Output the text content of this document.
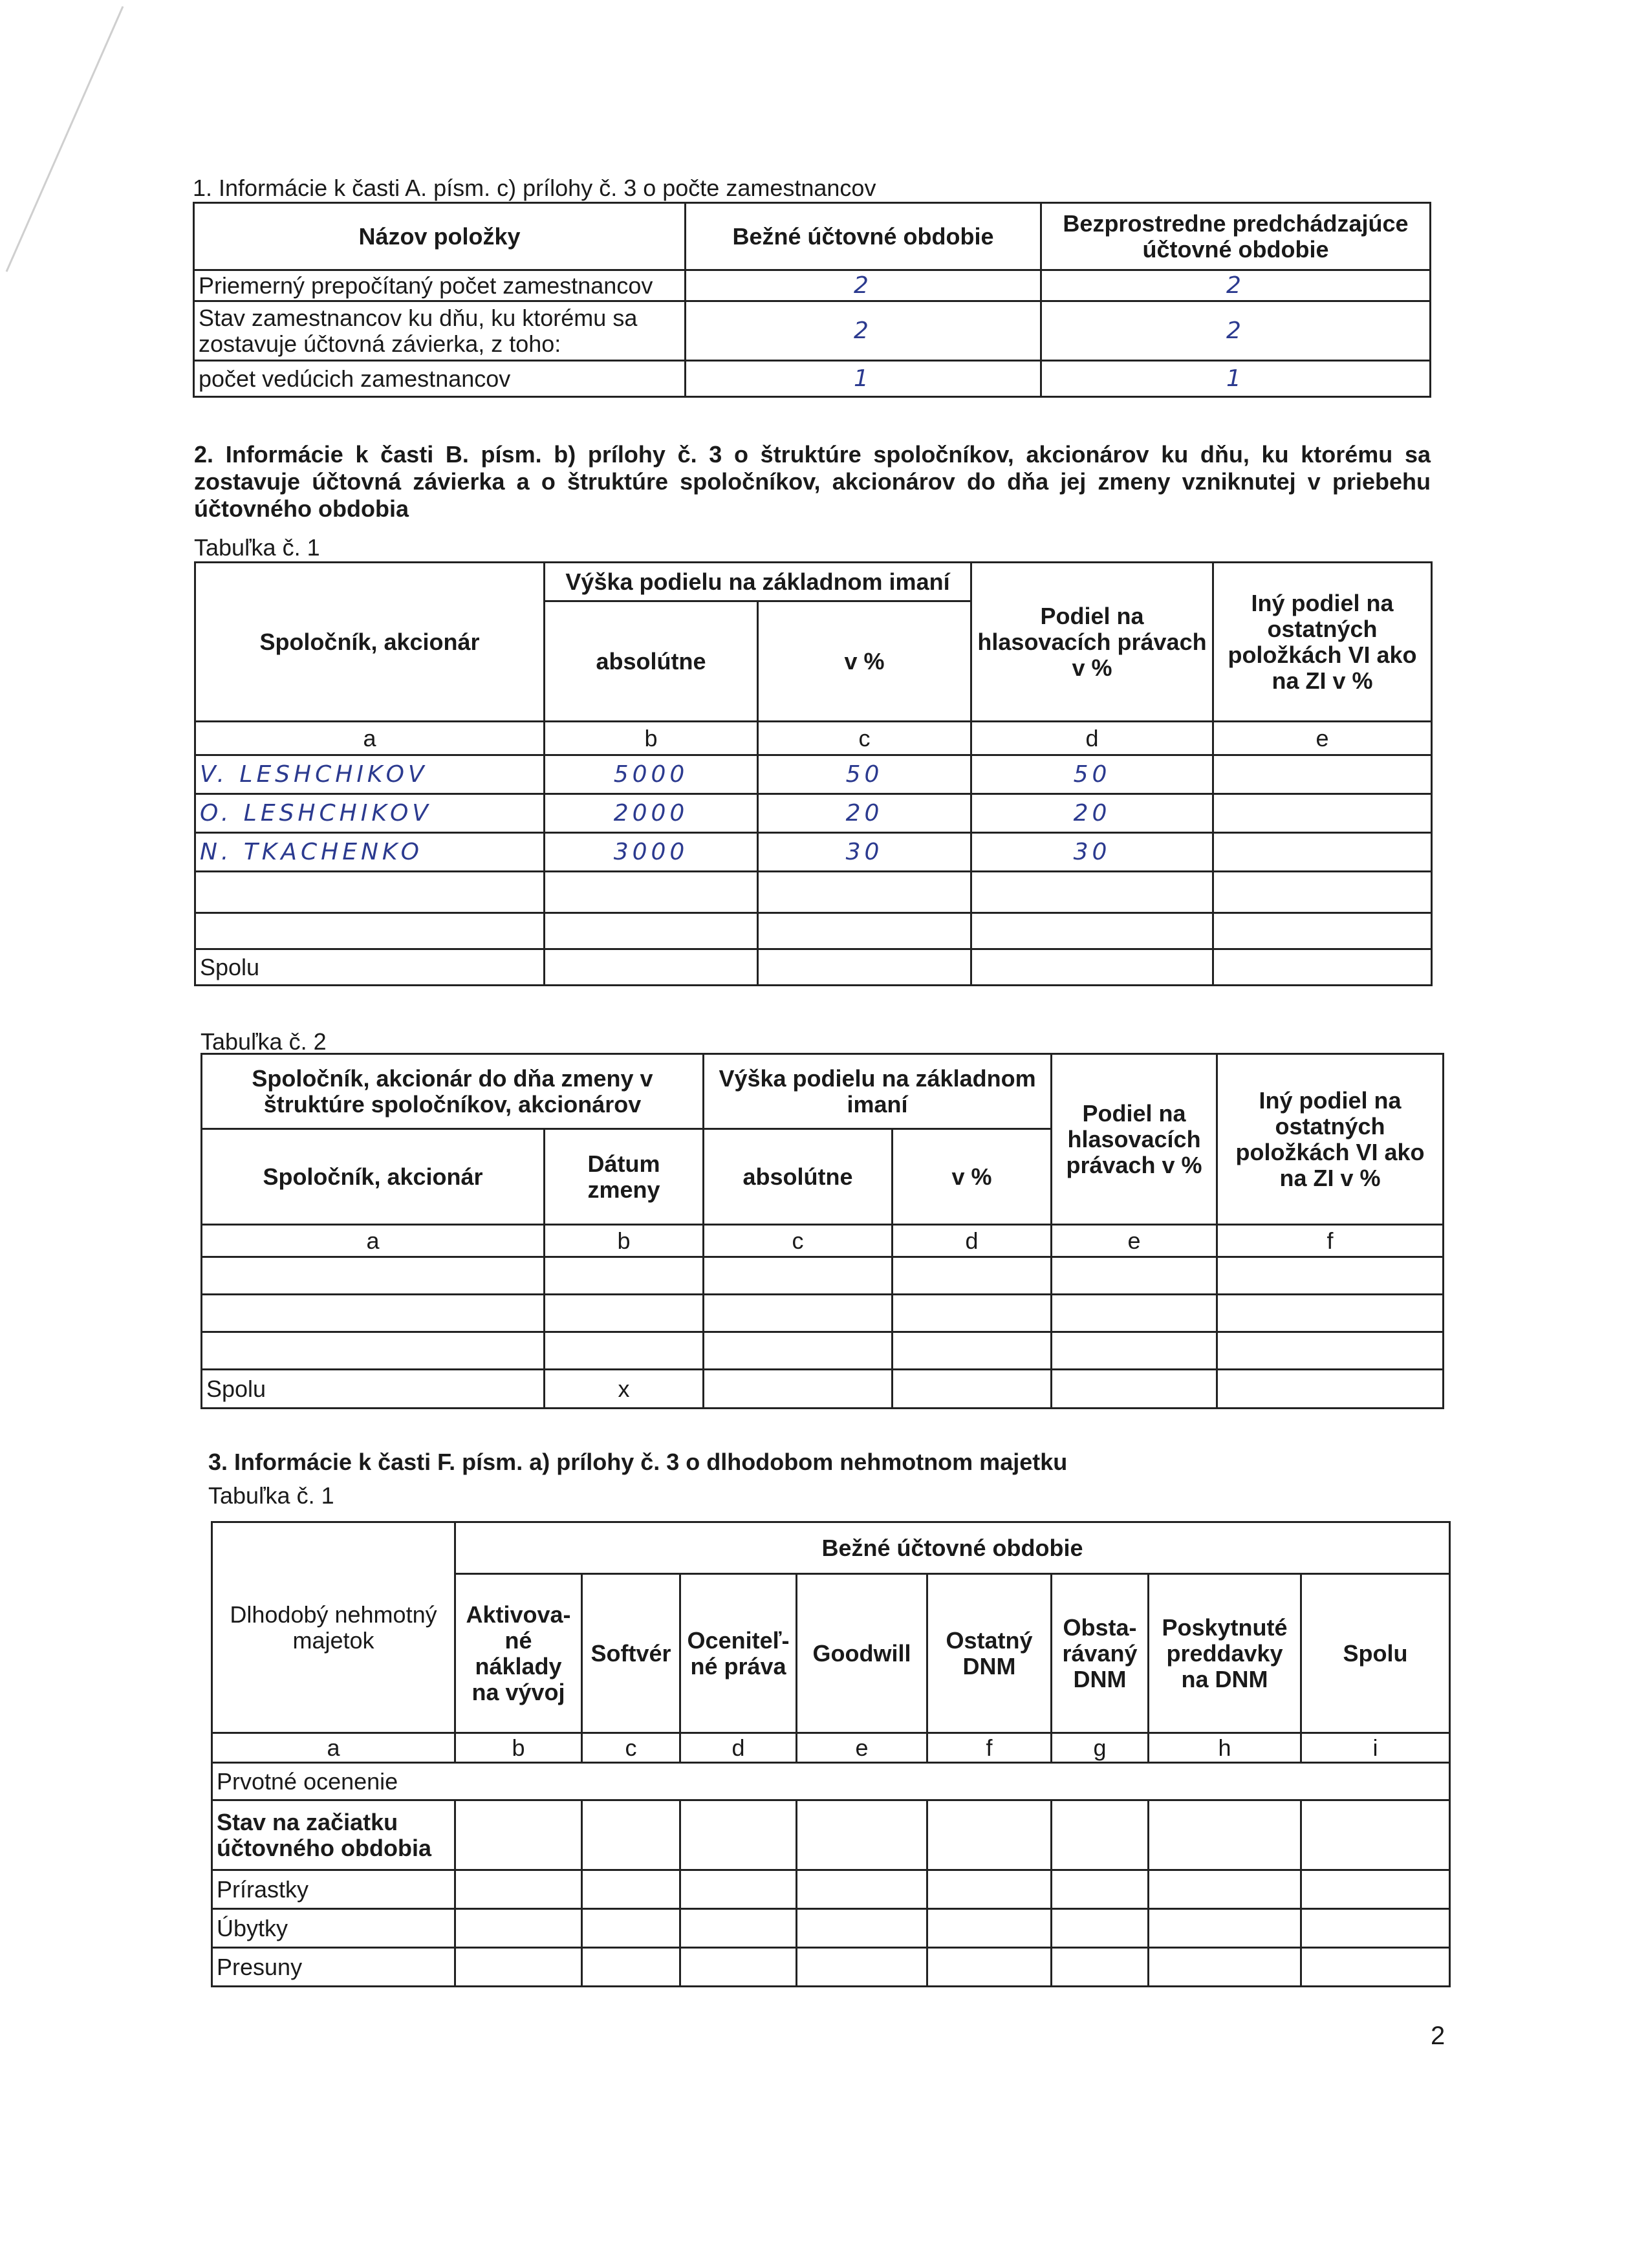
1. Informácie k časti A. písm. c) prílohy č. 3 o počte zamestnancov
Názov položky	Bežné účtovné obdobie	Bezprostredne predchádzajúce účtovné obdobie
Priemerný prepočítaný počet zamestnancov	2	2
Stav zamestnancov ku dňu, ku ktorému sa zostavuje účtovná závierka, z toho:	2	2
počet vedúcich zamestnancov	1	1
2. Informácie k časti B. písm. b) prílohy č. 3 o štruktúre spoločníkov, akcionárov ku dňu, ku ktorému sa zostavuje účtovná závierka a o štruktúre spoločníkov, akcionárov do dňa jej zmeny vzniknutej v priebehu účtovného obdobia
Tabuľka č. 1
Spoločník, akcionár	Výška podielu na základnom imaní		Podiel na hlasovacích právach v %	Iný podiel na ostatných položkách VI ako na ZI v %
	absolútne	v %		
a	b	c	d	e
V. LESHCHIKOV	5000	50	50	
O. LESHCHIKOV	2000	20	20	
N. TKACHENKO	3000	30	30	

Spolu				
Tabuľka č. 2
Spoločník, akcionár do dňa zmeny v štruktúre spoločníkov, akcionárov		Výška podielu na základnom imaní		Podiel na hlasovacích právach v %	Iný podiel na ostatných položkách VI ako na ZI v %
Spoločník, akcionár	Dátum zmeny	absolútne	v %		
a	b	c	d	e	f

Spolu	x				
3. Informácie k časti F. písm. a) prílohy č. 3 o dlhodobom nehmotnom majetku
Tabuľka č. 1
Dlhodobý nehmotný majetok	Bežné účtovné obdobie							
	Aktivova-né náklady na vývoj	Softvér	Oceniteľ-né práva	Goodwill	Ostatný DNM	Obsta-rávaný DNM	Poskytnuté preddavky na DNM	Spolu
a	b	c	d	e	f	g	h	i
Prvotné ocenenie								
Stav na začiatku účtovného obdobia								
Prírastky								
Úbytky								
Presuny								
2
